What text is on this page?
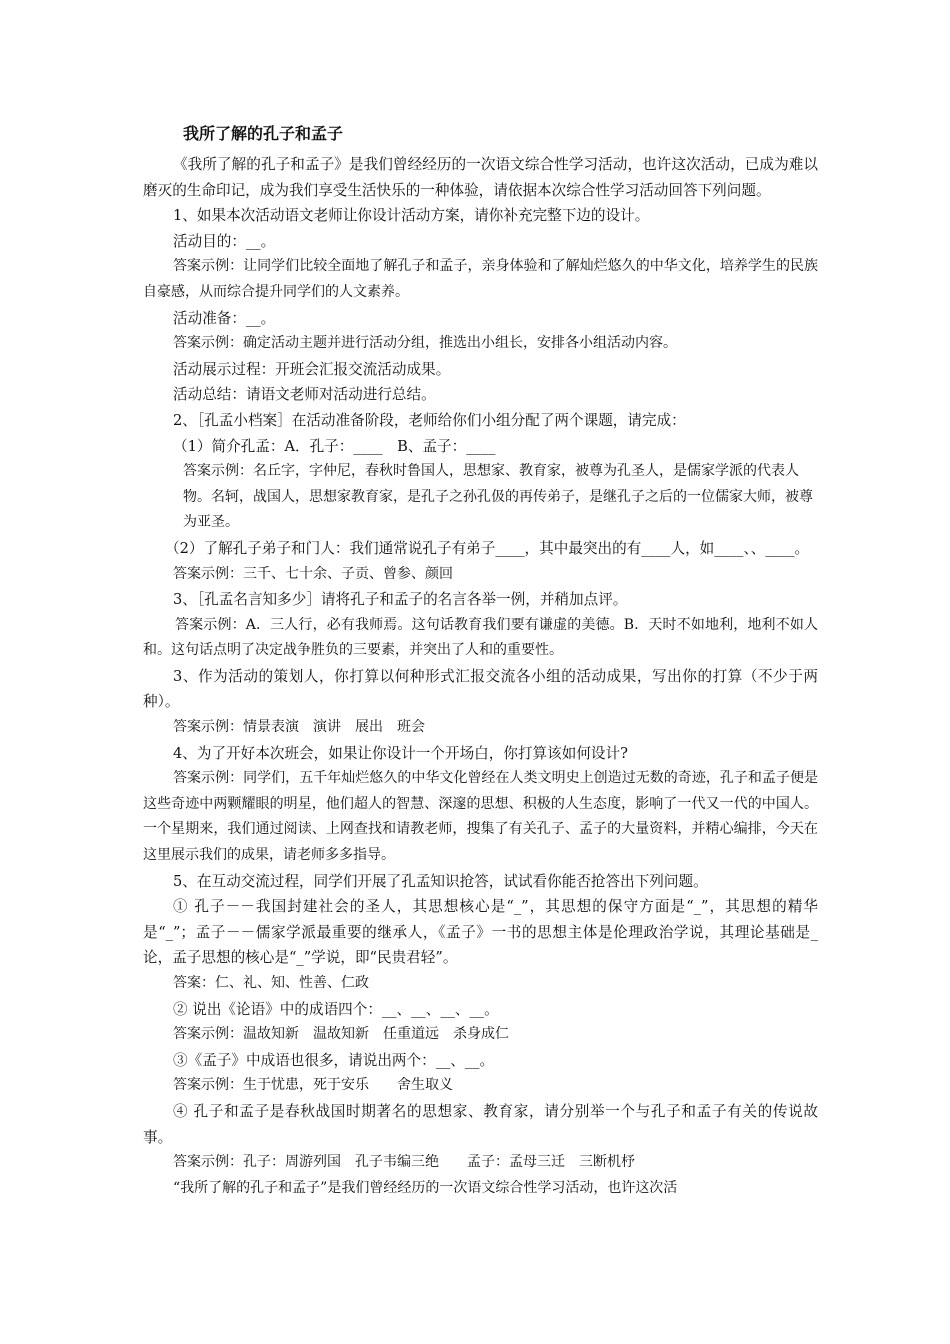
我所了解的孔子和孟子

《我所了解的孔子和孟子》是我们曾经经历的一次语文综合性学习活动，也许这次活动，已成为难以磨灭的生命印记，成为我们享受生活快乐的一种体验，请依据本次综合性学习活动回答下列问题。

1、如果本次活动语文老师让你设计活动方案，请你补充完整下边的设计。

活动目的：__。

答案示例：让同学们比较全面地了解孔子和孟子，亲身体验和了解灿烂悠久的中华文化，培养学生的民族自豪感，从而综合提升同学们的人文素养。

活动准备：__。

答案示例：确定活动主题并进行活动分组，推选出小组长，安排各小组活动内容。

活动展示过程：开班会汇报交流活动成果。

活动总结：请语文老师对活动进行总结。

2、［孔孟小档案］在活动准备阶段，老师给你们小组分配了两个课题，请完成：

（1）简介孔孟：A．孔子：____　B、孟子：____

答案示例：名丘字，字仲尼，春秋时鲁国人，思想家、教育家，被尊为孔圣人，是儒家学派的代表人物。名轲，战国人，思想家教育家，是孔子之孙孔伋的再传弟子，是继孔子之后的一位儒家大师，被尊为亚圣。

（2）了解孔子弟子和门人：我们通常说孔子有弟子____，其中最突出的有____人，如____、、____。

答案示例：三千、七十余、子贡、曾参、颜回

3、［孔孟名言知多少］请将孔子和孟子的名言各举一例，并稍加点评。

答案示例：A．三人行，必有我师焉。这句话教育我们要有谦虚的美德。B．天时不如地利，地利不如人和。这句话点明了决定战争胜负的三要素，并突出了人和的重要性。

3、作为活动的策划人，你打算以何种形式汇报交流各小组的活动成果，写出你的打算（不少于两种）。

答案示例：情景表演　演讲　展出　班会

4、为了开好本次班会，如果让你设计一个开场白，你打算该如何设计?

答案示例：同学们，五千年灿烂悠久的中华文化曾经在人类文明史上创造过无数的奇迹，孔子和孟子便是这些奇迹中两颗耀眼的明星，他们超人的智慧、深邃的思想、积极的人生态度，影响了一代又一代的中国人。一个星期来，我们通过阅读、上网查找和请教老师，搜集了有关孔子、孟子的大量资料，并精心编排，今天在这里展示我们的成果，请老师多多指导。

5、在互动交流过程，同学们开展了孔孟知识抢答，试试看你能否抢答出下列问题。

① 孔子－－我国封建社会的圣人，其思想核心是“_”，其思想的保守方面是“_”，其思想的精华是“_”；孟子－－儒家学派最重要的继承人，《孟子》一书的思想主体是伦理政治学说，其理论基础是_论，孟子思想的核心是“_”学说，即“民贵君轻”。

答案：仁、礼、知、性善、仁政

② 说出《论语》中的成语四个：__、__、__、__。

答案示例：温故知新　温故知新　任重道远　杀身成仁

③《孟子》中成语也很多，请说出两个：__、__。

答案示例：生于忧患，死于安乐　　舍生取义

④ 孔子和孟子是春秋战国时期著名的思想家、教育家，请分别举一个与孔子和孟子有关的传说故事。

答案示例：孔子：周游列国　孔子韦编三绝　　孟子：孟母三迁　三断机杼

“我所了解的孔子和孟子”是我们曾经经历的一次语文综合性学习活动，也许这次活
